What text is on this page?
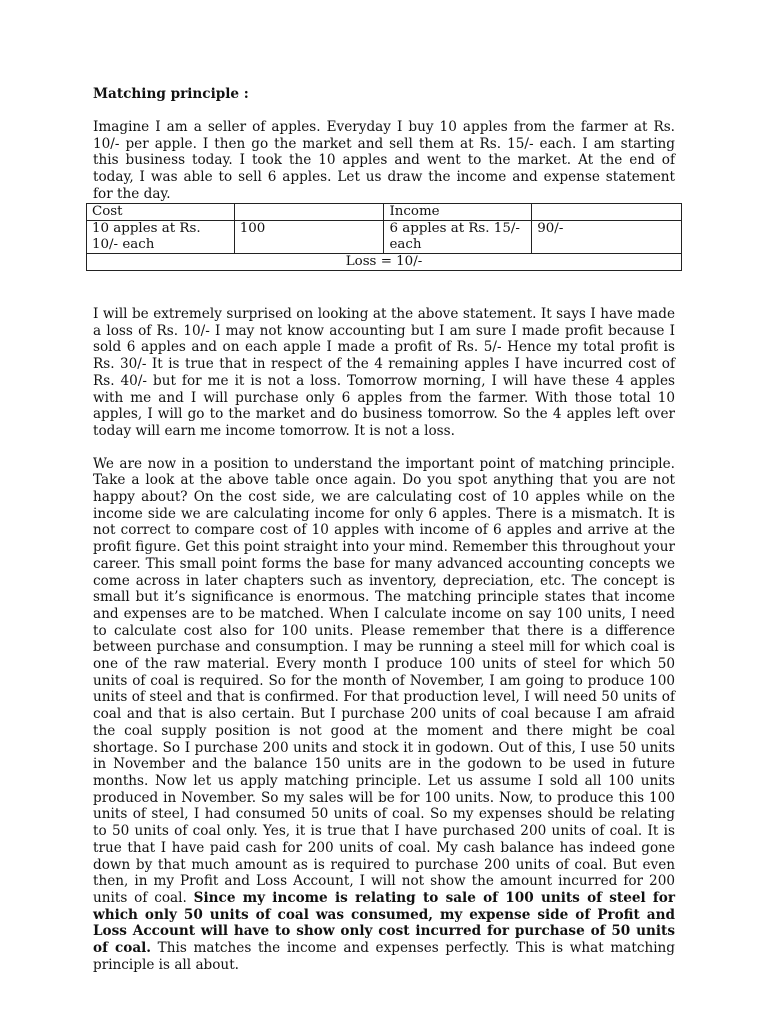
Matching principle :

Imagine I am a seller of apples. Everyday I buy 10 apples from the farmer at Rs. 10/- per apple. I then go the market and sell them at Rs. 15/- each. I am starting this business today. I took the 10 apples and went to the market. At the end of today, I was able to sell 6 apples. Let us draw the income and expense statement for the day.

Cost		Income	
10 apples at Rs. 10/- each	100	6 apples at Rs. 15/- each	90/-
Loss = 10/-			

I will be extremely surprised on looking at the above statement. It says I have made a loss of Rs. 10/- I may not know accounting but I am sure I made profit because I sold 6 apples and on each apple I made a profit of Rs. 5/- Hence my total profit is Rs. 30/- It is true that in respect of the 4 remaining apples I have incurred cost of Rs. 40/- but for me it is not a loss. Tomorrow morning, I will have these 4 apples with me and I will purchase only 6 apples from the farmer. With those total 10 apples, I will go to the market and do business tomorrow. So the 4 apples left over today will earn me income tomorrow. It is not a loss.

We are now in a position to understand the important point of matching principle. Take a look at the above table once again. Do you spot anything that you are not happy about? On the cost side, we are calculating cost of 10 apples while on the income side we are calculating income for only 6 apples. There is a mismatch. It is not correct to compare cost of 10 apples with income of 6 apples and arrive at the profit figure. Get this point straight into your mind. Remember this throughout your career. This small point forms the base for many advanced accounting concepts we come across in later chapters such as inventory, depreciation, etc. The concept is small but it’s significance is enormous. The matching principle states that income and expenses are to be matched. When I calculate income on say 100 units, I need to calculate cost also for 100 units. Please remember that there is a difference between purchase and consumption. I may be running a steel mill for which coal is one of the raw material. Every month I produce 100 units of steel for which 50 units of coal is required. So for the month of November, I am going to produce 100 units of steel and that is confirmed. For that production level, I will need 50 units of coal and that is also certain. But I purchase 200 units of coal because I am afraid the coal supply position is not good at the moment and there might be coal shortage. So I purchase 200 units and stock it in godown. Out of this, I use 50 units in November and the balance 150 units are in the godown to be used in future months. Now let us apply matching principle. Let us assume I sold all 100 units produced in November. So my sales will be for 100 units. Now, to produce this 100 units of steel, I had consumed 50 units of coal. So my expenses should be relating to 50 units of coal only. Yes, it is true that I have purchased 200 units of coal. It is true that I have paid cash for 200 units of coal. My cash balance has indeed gone down by that much amount as is required to purchase 200 units of coal. But even then, in my Profit and Loss Account, I will not show the amount incurred for 200 units of coal. Since my income is relating to sale of 100 units of steel for which only 50 units of coal was consumed, my expense side of Profit and Loss Account will have to show only cost incurred for purchase of 50 units of coal. This matches the income and expenses perfectly. This is what matching principle is all about.
